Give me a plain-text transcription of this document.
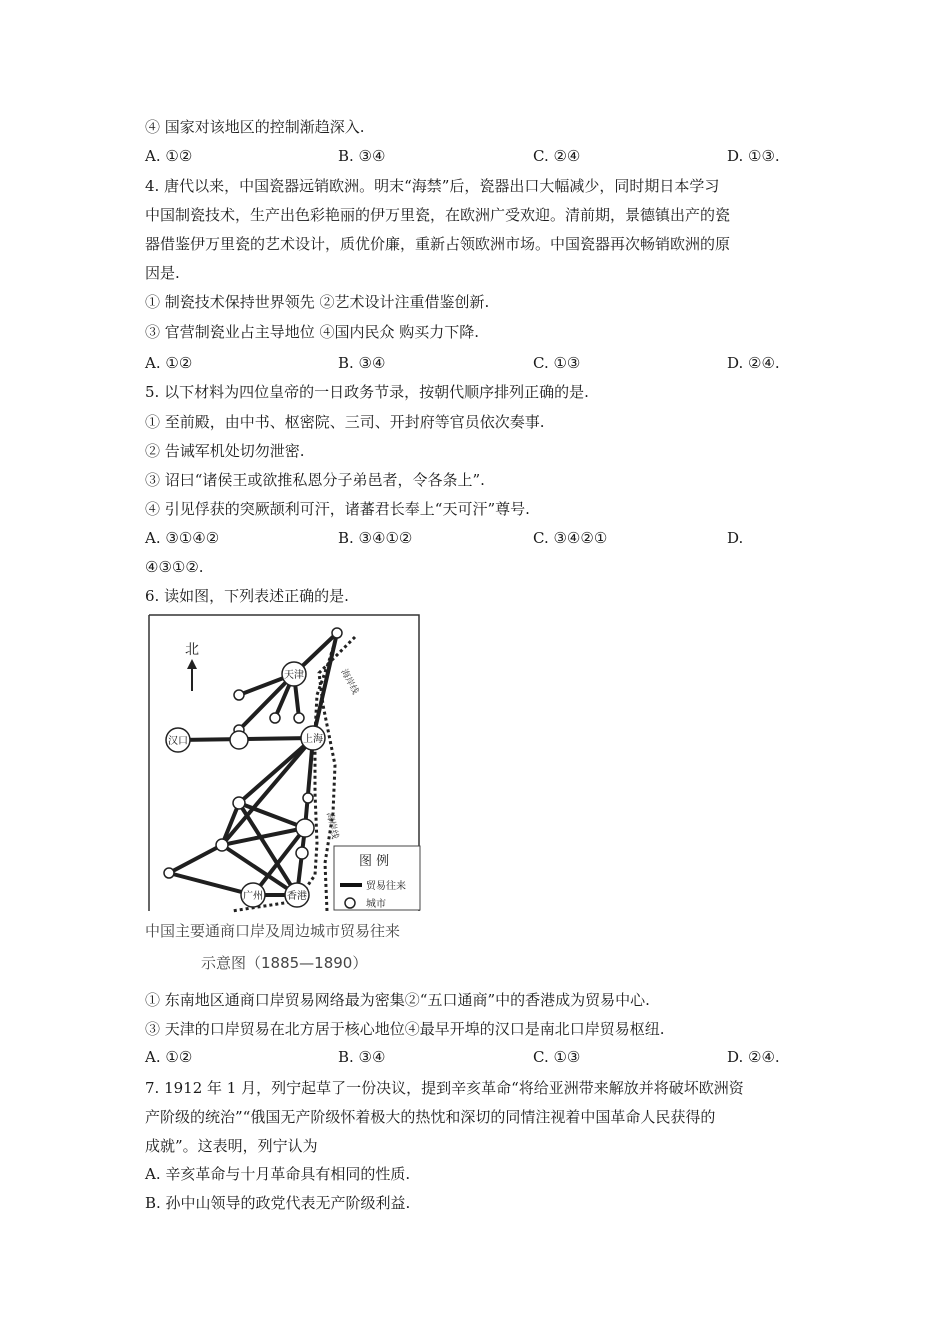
④ 国家对该地区的控制渐趋深入.
A. ①②	B. ③④	C. ②④	D. ①③.
4. 唐代以来，中国瓷器远销欧洲。明末“海禁”后，瓷器出口大幅减少，同时期日本学习
中国制瓷技术，生产出色彩艳丽的伊万里瓷，在欧洲广受欢迎。清前期，景德镇出产的瓷
器借鉴伊万里瓷的艺术设计，质优价廉，重新占领欧洲市场。中国瓷器再次畅销欧洲的原
因是.
① 制瓷技术保持世界领先 ②艺术设计注重借鉴创新.
③ 官营制瓷业占主导地位 ④国内民众 购买力下降.
A. ①②	B. ③④	C. ①③	D. ②④.
5. 以下材料为四位皇帝的一日政务节录，按朝代顺序排列正确的是.
① 至前殿，由中书、枢密院、三司、开封府等官员依次奏事.
② 告诫军机处切勿泄密.
③ 诏曰“诸侯王或欲推私恩分子弟邑者，令各条上”.
④ 引见俘获的突厥颉利可汗，诸蕃君长奉上“天可汗”尊号.
A. ③①④②	B. ③④①②	C. ③④②①	D.
④③①②.
6. 读如图，下列表述正确的是.
北
海岸线
海岸线
天津
汉口	上海
广州 香港
图 例
贸易往来
城市
中国主要通商口岸及周边城市贸易往来
示意图（1885—1890）
① 东南地区通商口岸贸易网络最为密集②“五口通商”中的香港成为贸易中心.
③ 天津的口岸贸易在北方居于核心地位④最早开埠的汉口是南北口岸贸易枢纽.
A. ①②	B. ③④	C. ①③	D. ②④.
7. 1912 年 1 月，列宁起草了一份决议，提到辛亥革命“将给亚洲带来解放并将破坏欧洲资
产阶级的统治”“俄国无产阶级怀着极大的热忱和深切的同情注视着中国革命人民获得的
成就”。这表明，列宁认为
A. 辛亥革命与十月革命具有相同的性质.
B. 孙中山领导的政党代表无产阶级利益.
